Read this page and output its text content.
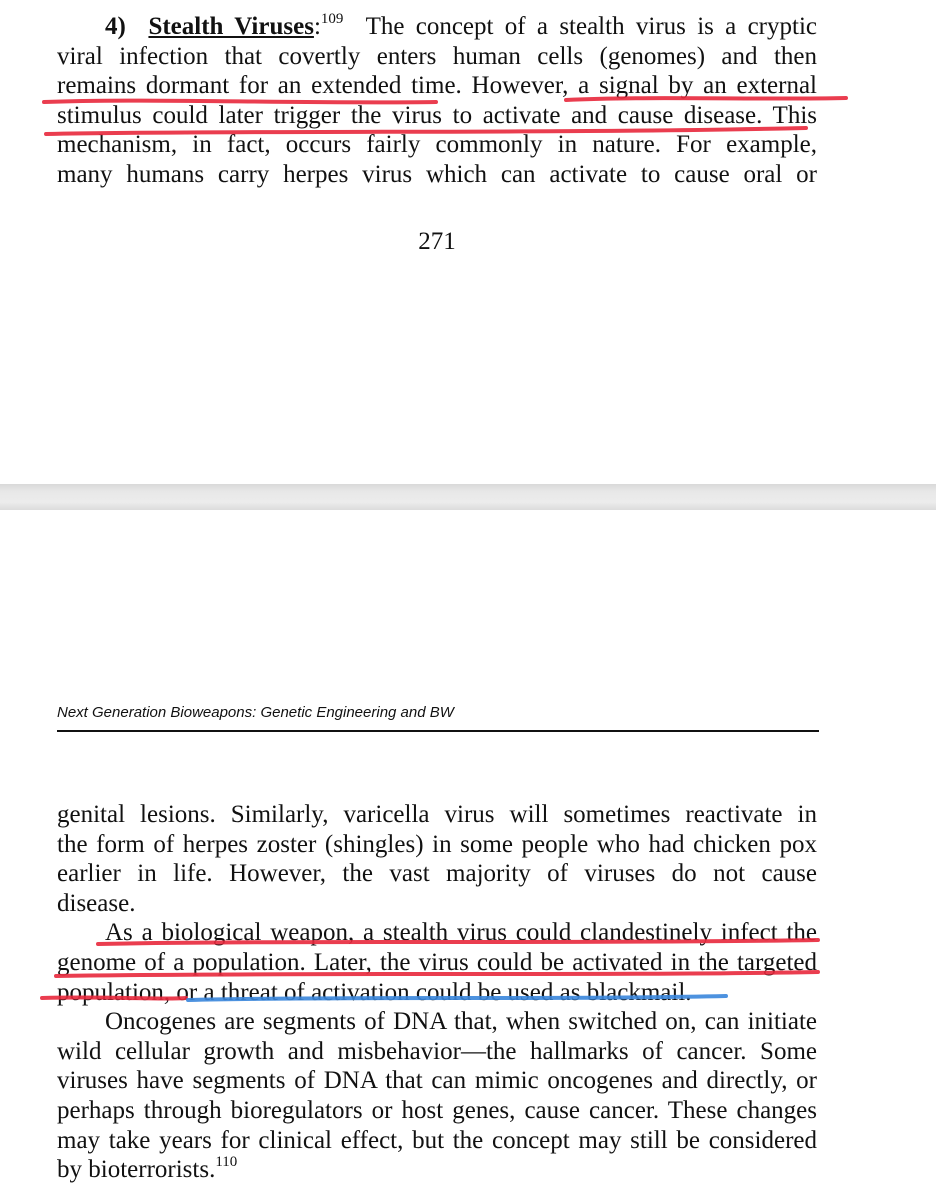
4) Stealth Viruses:$^{109}$ The concept of a stealth virus is a cryptic
viral infection that covertly enters human cells (genomes) and then
remains dormant for an extended time. However, a signal by an external
stimulus could later trigger the virus to activate and cause disease. This
mechanism, in fact, occurs fairly commonly in nature. For example,
many humans carry herpes virus which can activate to cause oral or
271
Next Generation Bioweapons: Genetic Engineering and BW
genital lesions. Similarly, varicella virus will sometimes reactivate in
the form of herpes zoster (shingles) in some people who had chicken pox
earlier in life. However, the vast majority of viruses do not cause
disease.
As a biological weapon, a stealth virus could clandestinely infect the
genome of a population. Later, the virus could be activated in the targeted
population, or a threat of activation could be used as blackmail.
Oncogenes are segments of DNA that, when switched on, can initiate
wild cellular growth and misbehavior—the hallmarks of cancer. Some
viruses have segments of DNA that can mimic oncogenes and directly, or
perhaps through bioregulators or host genes, cause cancer. These changes
may take years for clinical effect, but the concept may still be considered
by bioterrorists.$^{110}$
